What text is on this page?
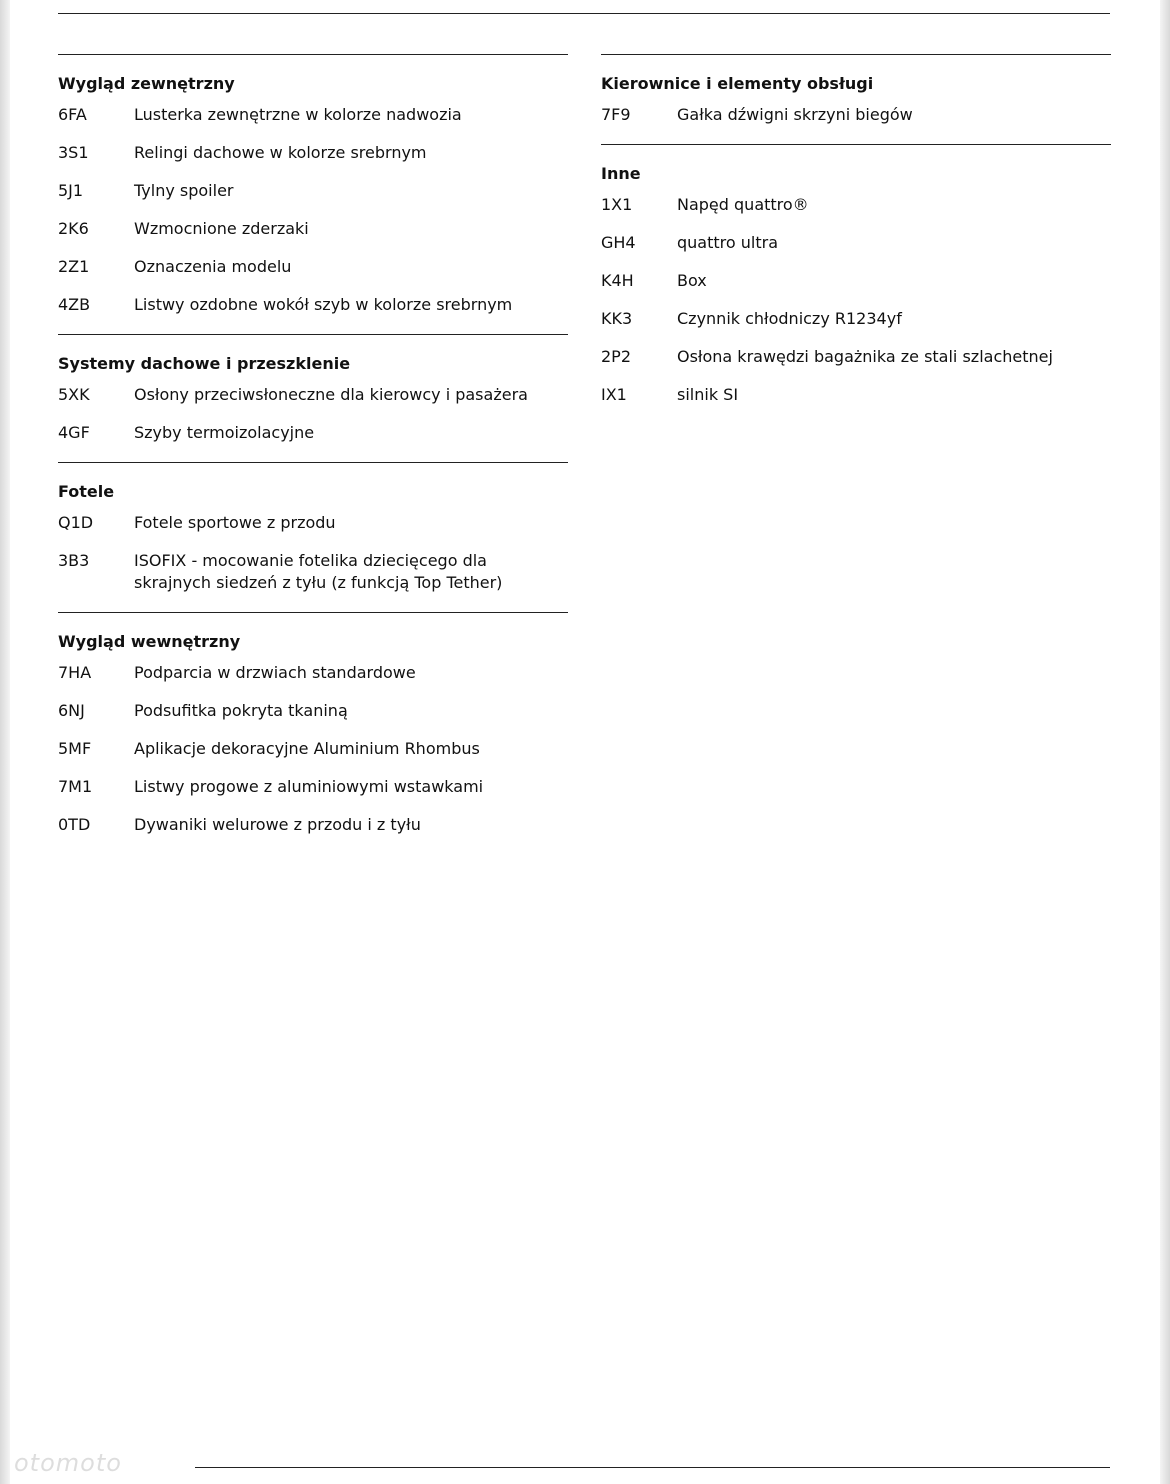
Wygląd zewnętrzny
6FA	Lusterka zewnętrzne w kolorze nadwozia
3S1	Relingi dachowe w kolorze srebrnym
5J1	Tylny spoiler
2K6	Wzmocnione zderzaki
2Z1	Oznaczenia modelu
4ZB	Listwy ozdobne wokół szyb w kolorze srebrnym
Systemy dachowe i przeszklenie
5XK	Osłony przeciwsłoneczne dla kierowcy i pasażera
4GF	Szyby termoizolacyjne
Fotele
Q1D	Fotele sportowe z przodu
3B3	ISOFIX - mocowanie fotelika dziecięcego dla skrajnych siedzeń z tyłu (z funkcją Top Tether)
Wygląd wewnętrzny
7HA	Podparcia w drzwiach standardowe
6NJ	Podsufitka pokryta tkaniną
5MF	Aplikacje dekoracyjne Aluminium Rhombus
7M1	Listwy progowe z aluminiowymi wstawkami
0TD	Dywaniki welurowe z przodu i z tyłu
Kierownice i elementy obsługi
7F9	Gałka dźwigni skrzyni biegów
Inne
1X1	Napęd quattro®
GH4	quattro ultra
K4H	Box
KK3	Czynnik chłodniczy R1234yf
2P2	Osłona krawędzi bagażnika ze stali szlachetnej
IX1	silnik SI
otomoto
